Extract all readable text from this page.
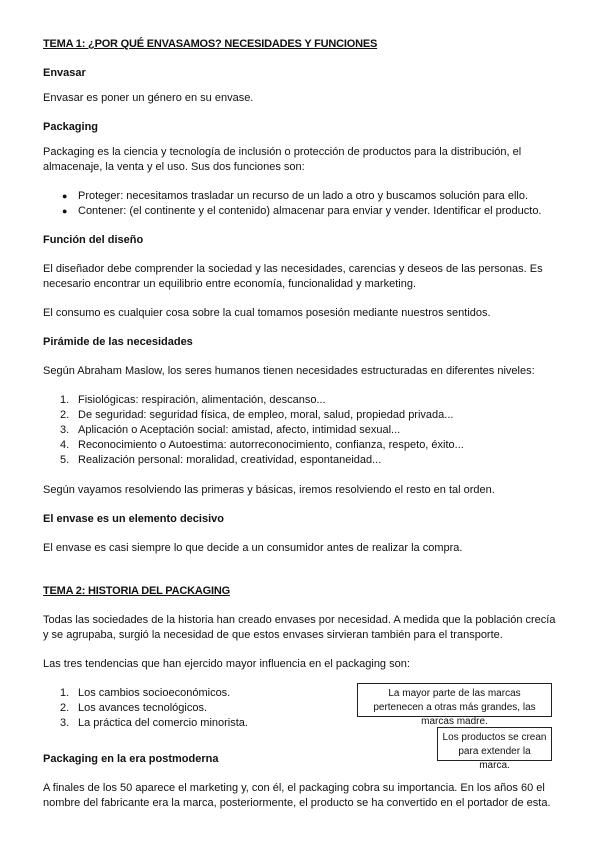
TEMA 1: ¿POR QUÉ ENVASAMOS? NECESIDADES Y FUNCIONES
Envasar
Envasar es poner un género en su envase.
Packaging
Packaging es la ciencia y tecnología de inclusión o protección de productos para la distribución, el almacenaje, la venta y el uso. Sus dos funciones son:
● Proteger: necesitamos trasladar un recurso de un lado a otro y buscamos solución para ello.
● Contener: (el continente y el contenido) almacenar para enviar y vender. Identificar el producto.
Función del diseño
El diseñador debe comprender la sociedad y las necesidades, carencias y deseos de las personas. Es necesario encontrar un equilibrio entre economía, funcionalidad y marketing.
El consumo es cualquier cosa sobre la cual tomamos posesión mediante nuestros sentidos.
Pirámide de las necesidades
Según Abraham Maslow, los seres humanos tienen necesidades estructuradas en diferentes niveles:
1. Fisiológicas: respiración, alimentación, descanso...
2. De seguridad: seguridad física, de empleo, moral, salud, propiedad privada...
3. Aplicación o Aceptación social: amistad, afecto, intimidad sexual...
4. Reconocimiento o Autoestima: autorreconocimiento, confianza, respeto, éxito...
5. Realización personal: moralidad, creatividad, espontaneidad...
Según vayamos resolviendo las primeras y básicas, iremos resolviendo el resto en tal orden.
El envase es un elemento decisivo
El envase es casi siempre lo que decide a un consumidor antes de realizar la compra.
TEMA 2: HISTORIA DEL PACKAGING
Todas las sociedades de la historia han creado envases por necesidad. A medida que la población crecía y se agrupaba, surgió la necesidad de que estos envases sirvieran también para el transporte.
Las tres tendencias que han ejercido mayor influencia en el packaging son:
1. Los cambios socioeconómicos.
2. Los avances tecnológicos.
3. La práctica del comercio minorista.
La mayor parte de las marcas pertenecen a otras más grandes, las marcas madre.
Los productos se crean para extender la marca.
Packaging en la era postmoderna
A finales de los 50 aparece el marketing y, con él, el packaging cobra su importancia. En los años 60 el nombre del fabricante era la marca, posteriormente, el producto se ha convertido en el portador de esta.
